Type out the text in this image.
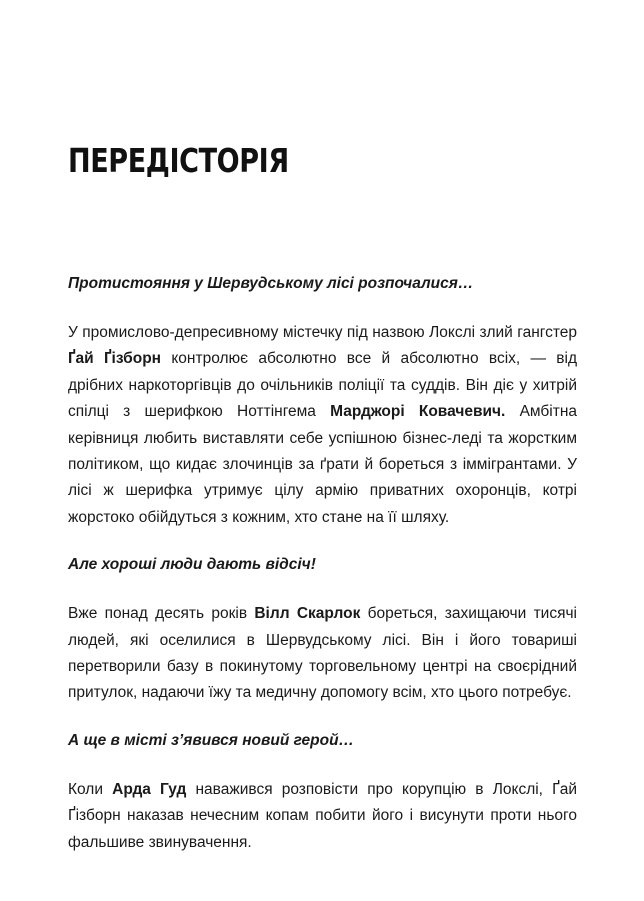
ПЕРЕДІСТОРІЯ

Протистояння у Шервудському лісі розпочалися…

У промислово-депресивному містечку під назвою Локслі злий гангстер Ґай Ґізборн контролює абсолютно все й абсолютно всіх, — від дрібних наркоторгівців до очільників поліції та суддів. Він діє у хитрій спілці з шерифкою Ноттінгема Марджорі Ковачевич. Амбітна керівниця любить виставляти себе успішною бізнес-леді та жорстким політиком, що кидає злочинців за ґрати й бореться з іммігрантами. У лісі ж шерифка утримує цілу армію приватних охоронців, котрі жорстоко обійдуться з кожним, хто стане на її шляху.

Але хороші люди дають відсіч!

Вже понад десять років Вілл Скарлок бореться, захищаючи тисячі людей, які оселилися в Шервудському лісі. Він і його товариші перетворили базу в покинутому торговельному центрі на своєрідний притулок, надаючи їжу та медичну допомогу всім, хто цього потребує.

А ще в місті з’явився новий герой…

Коли Арда Гуд наважився розповісти про корупцію в Локслі, Ґай Ґізборн наказав нечесним копам побити його і висунути проти нього фальшиве звинувачення.
